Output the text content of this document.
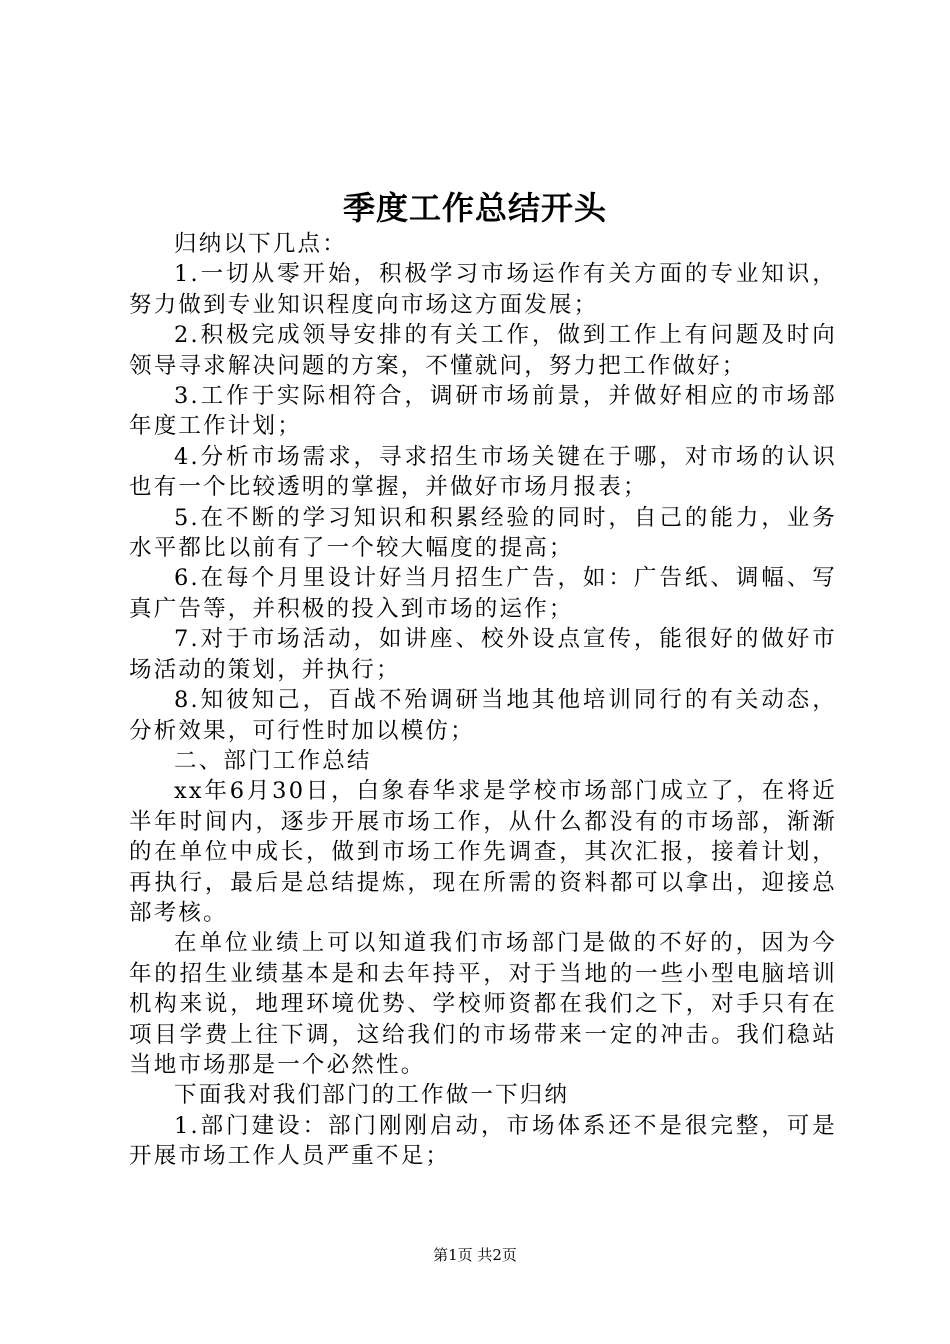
季度工作总结开头

归纳以下几点：

1.一切从零开始，积极学习市场运作有关方面的专业知识，努力做到专业知识程度向市场这方面发展；

2.积极完成领导安排的有关工作，做到工作上有问题及时向领导寻求解决问题的方案，不懂就问，努力把工作做好；

3.工作于实际相符合，调研市场前景，并做好相应的市场部年度工作计划；

4.分析市场需求，寻求招生市场关键在于哪，对市场的认识也有一个比较透明的掌握，并做好市场月报表；

5.在不断的学习知识和积累经验的同时，自己的能力，业务水平都比以前有了一个较大幅度的提高；

6.在每个月里设计好当月招生广告，如：广告纸、调幅、写真广告等，并积极的投入到市场的运作；

7.对于市场活动，如讲座、校外设点宣传，能很好的做好市场活动的策划，并执行；

8.知彼知己，百战不殆调研当地其他培训同行的有关动态，分析效果，可行性时加以模仿；

二、部门工作总结

xx年6月30日，白象春华求是学校市场部门成立了，在将近半年时间内，逐步开展市场工作，从什么都没有的市场部，渐渐的在单位中成长，做到市场工作先调查，其次汇报，接着计划，再执行，最后是总结提炼，现在所需的资料都可以拿出，迎接总部考核。

在单位业绩上可以知道我们市场部门是做的不好的，因为今年的招生业绩基本是和去年持平，对于当地的一些小型电脑培训机构来说，地理环境优势、学校师资都在我们之下，对手只有在项目学费上往下调，这给我们的市场带来一定的冲击。我们稳站当地市场那是一个必然性。

下面我对我们部门的工作做一下归纳

1.部门建设：部门刚刚启动，市场体系还不是很完整，可是开展市场工作人员严重不足；

第1页 共2页
